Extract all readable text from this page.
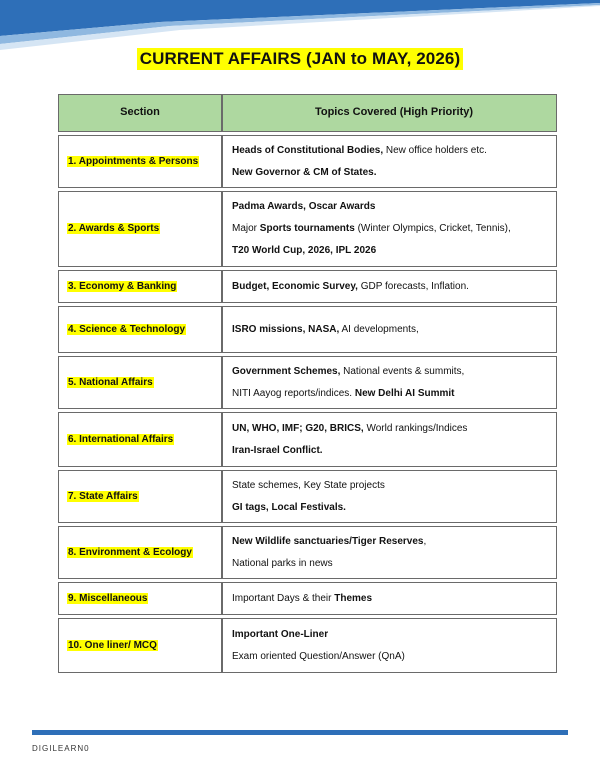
CURRENT AFFAIRS (JAN to MAY, 2026)
Section	Topics Covered (High Priority)
1. Appointments & Persons	Heads of Constitutional Bodies, New office holders etc.
New Governor & CM of States.

2. Awards & Sports	Padma Awards, Oscar Awards
Major Sports tournaments (Winter Olympics, Cricket, Tennis),
T20 World Cup, 2026, IPL 2026

3. Economy & Banking	Budget, Economic Survey, GDP forecasts, Inflation.

4. Science & Technology	ISRO missions, NASA, AI developments,

5. National Affairs	Government Schemes, National events & summits,
NITI Aayog reports/indices. New Delhi AI Summit

6. International Affairs	UN, WHO, IMF; G20, BRICS, World rankings/Indices
Iran-Israel Conflict.

7. State Affairs	State schemes, Key State projects
GI tags, Local Festivals.

8. Environment & Ecology	New Wildlife sanctuaries/Tiger Reserves,
National parks in news

9. Miscellaneous	Important Days & their Themes

10. One liner/ MCQ	Important One-Liner
Exam oriented Question/Answer (QnA)
DIGILEARN0
